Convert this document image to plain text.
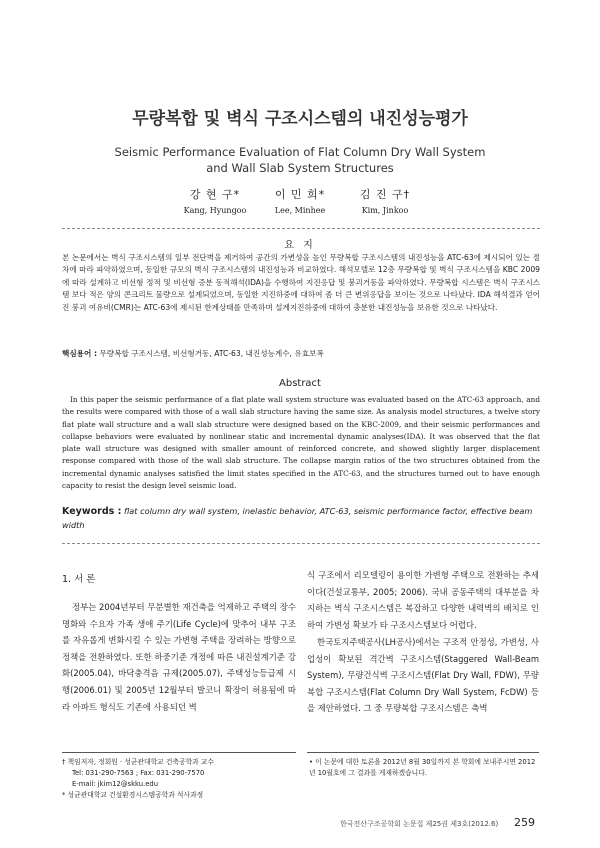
무량복합 및 벽식 구조시스템의 내진성능평가
Seismic Performance Evaluation of Flat Column Dry Wall System
and Wall Slab System Structures
강 현 구*
Kang, Hyungoo
이 민 희*
Lee, Minhee
김 진 구†
Kim, Jinkoo
요 지
본 논문에서는 벽식 구조시스템의 일부 전단벽을 제거하여 공간의 가변성을 높인 무량복합 구조시스템의 내진성능을 ATC-63에 제시되어 있는 절차에 따라 파악하였으며, 동일한 규모의 벽식 구조시스템의 내진성능과 비교하였다. 해석모델로 12층 무량복합 및 벽식 구조시스템을 KBC 2009에 따라 설계하고 비선형 정적 및 비선형 증분 동적해석(IDA)을 수행하여 지진응답 및 붕괴거동을 파악하였다. 무량복합 시스템은 벽식 구조시스템 보다 적은 양의 콘크리트 물량으로 설계되었으며, 동일한 지진하중에 대하여 좀 더 큰 변위응답을 보이는 것으로 나타났다. IDA 해석결과 얻어진 붕괴 여유비(CMR)는 ATC-63에 제시된 한계상태를 만족하며 설계지진하중에 대하여 충분한 내진성능을 보유한 것으로 나타났다.
핵심용어 : 무량복합 구조시스템, 비선형거동, ATC-63, 내진성능계수, 유효보폭
Abstract
In this paper the seismic performance of a flat plate wall system structure was evaluated based on the ATC-63 approach, and the results were compared with those of a wall slab structure having the same size. As analysis model structures, a twelve story flat plate wall structure and a wall slab structure were designed based on the KBC-2009, and their seismic performances and collapse behaviors were evaluated by nonlinear static and incremental dynamic analyses(IDA). It was observed that the flat plate wall structure was designed with smaller amount of reinforced concrete, and showed slightly larger displacement response compared with those of the wall slab structure. The collapse margin ratios of the two structures obtained from the incremental dynamic analyses satisfied the limit states specified in the ATC-63, and the structures turned out to have enough capacity to resist the design level seismic load.
Keywords : flat column dry wall system, inelastic behavior, ATC-63, seismic performance factor, effective beam width
1. 서 론
정부는 2004년부터 무분별한 재건축을 억제하고 주택의 장수명화와 수요자 가족 생애 주기(Life Cycle)에 맞추어 내부 구조를 자유롭게 변화시킬 수 있는 가변형 주택을 장려하는 방향으로 정책을 전환하였다. 또한 하중기준 개정에 따른 내진설계기준 강화(2005.04), 바닥충격음 규제(2005.07), 주택성능등급제 시행(2006.01) 및 2005년 12월부터 발코니 확장이 허용됨에 따라 아파트 형식도 기존에 사용되던 벽
식 구조에서 리모델링이 용이한 가변형 주택으로 전환하는 추세이다(건설교통부, 2005; 2006). 국내 공동주택의 대부분을 차지하는 벽식 구조시스템은 복잡하고 다양한 내력벽의 배치로 인하여 가변성 확보가 타 구조시스템보다 어렵다.
한국토지주택공사(LH공사)에서는 구조적 안정성, 가변성, 사업성이 확보된 격간벽 구조시스템(Staggered Wall-Beam System), 무량건식벽 구조시스템(Flat Dry Wall, FDW), 무량복합 구조시스템(Flat Column Dry Wall System, FcDW) 등을 제안하였다. 그 중 무량복합 구조시스템은 측벽
† 책임저자, 정회원 · 성균관대학교 건축공학과 교수
Tel: 031-290-7563 ; Fax: 031-290-7570
E-mail: jkim12@skku.edu
* 성균관대학교 건설환경시스템공학과 석사과정
• 이 논문에 대한 토론을 2012년 8월 30일까지 본 학회에 보내주시면 2012년 10월호에 그 결과를 게재하겠습니다.
한국전산구조공학회 논문집 제25권 제3호(2012.6) 259
